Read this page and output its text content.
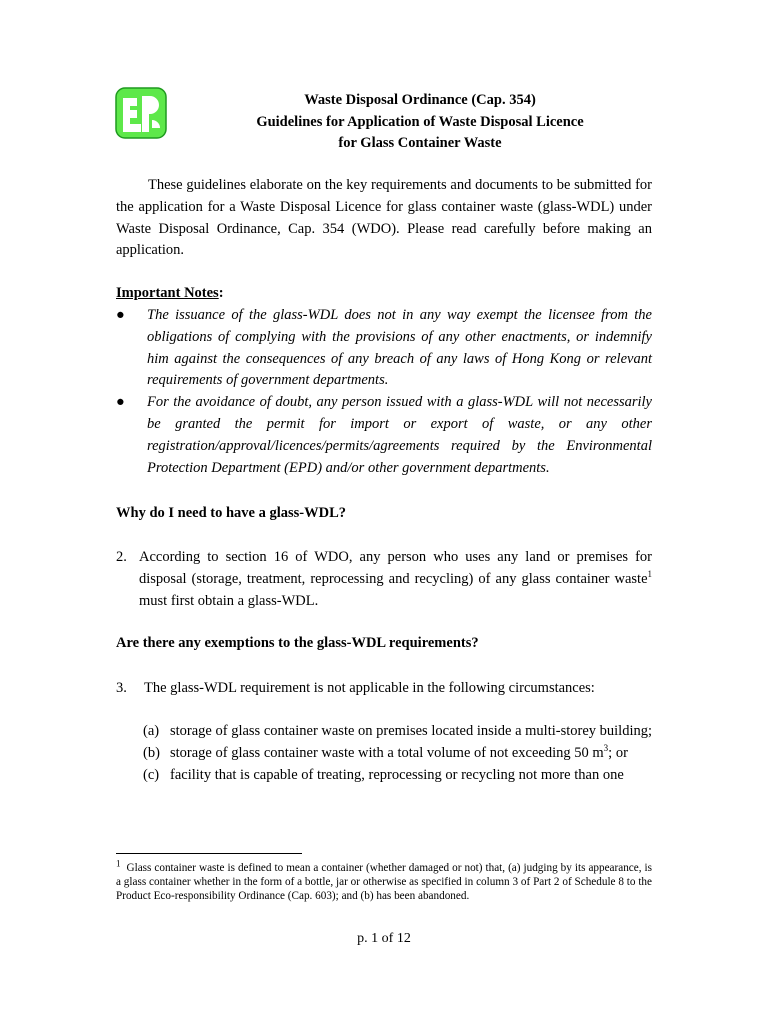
Waste Disposal Ordinance (Cap. 354)
Guidelines for Application of Waste Disposal Licence
for Glass Container Waste
These guidelines elaborate on the key requirements and documents to be submitted for the application for a Waste Disposal Licence for glass container waste (glass-WDL) under Waste Disposal Ordinance, Cap. 354 (WDO). Please read carefully before making an application.
Important Notes:
● The issuance of the glass-WDL does not in any way exempt the licensee from the obligations of complying with the provisions of any other enactments, or indemnify him against the consequences of any breach of any laws of Hong Kong or relevant requirements of government departments.
● For the avoidance of doubt, any person issued with a glass-WDL will not necessarily be granted the permit for import or export of waste, or any other registration/approval/licences/permits/agreements required by the Environmental Protection Department (EPD) and/or other government departments.
Why do I need to have a glass-WDL?
2. According to section 16 of WDO, any person who uses any land or premises for disposal (storage, treatment, reprocessing and recycling) of any glass container waste$^1$ must first obtain a glass-WDL.
Are there any exemptions to the glass-WDL requirements?
3.	The glass-WDL requirement is not applicable in the following circumstances:
(a) storage of glass container waste on premises located inside a multi-storey building;
(b) storage of glass container waste with a total volume of not exceeding 50 $m^3$; or
(c) facility that is capable of treating, reprocessing or recycling not more than one
$^1$ Glass container waste is defined to mean a container (whether damaged or not) that, (a) judging by its appearance, is a glass container whether in the form of a bottle, jar or otherwise as specified in column 3 of Part 2 of Schedule 8 to the Product Eco-responsibility Ordinance (Cap. 603); and (b) has been abandoned.
p. 1 of 12
